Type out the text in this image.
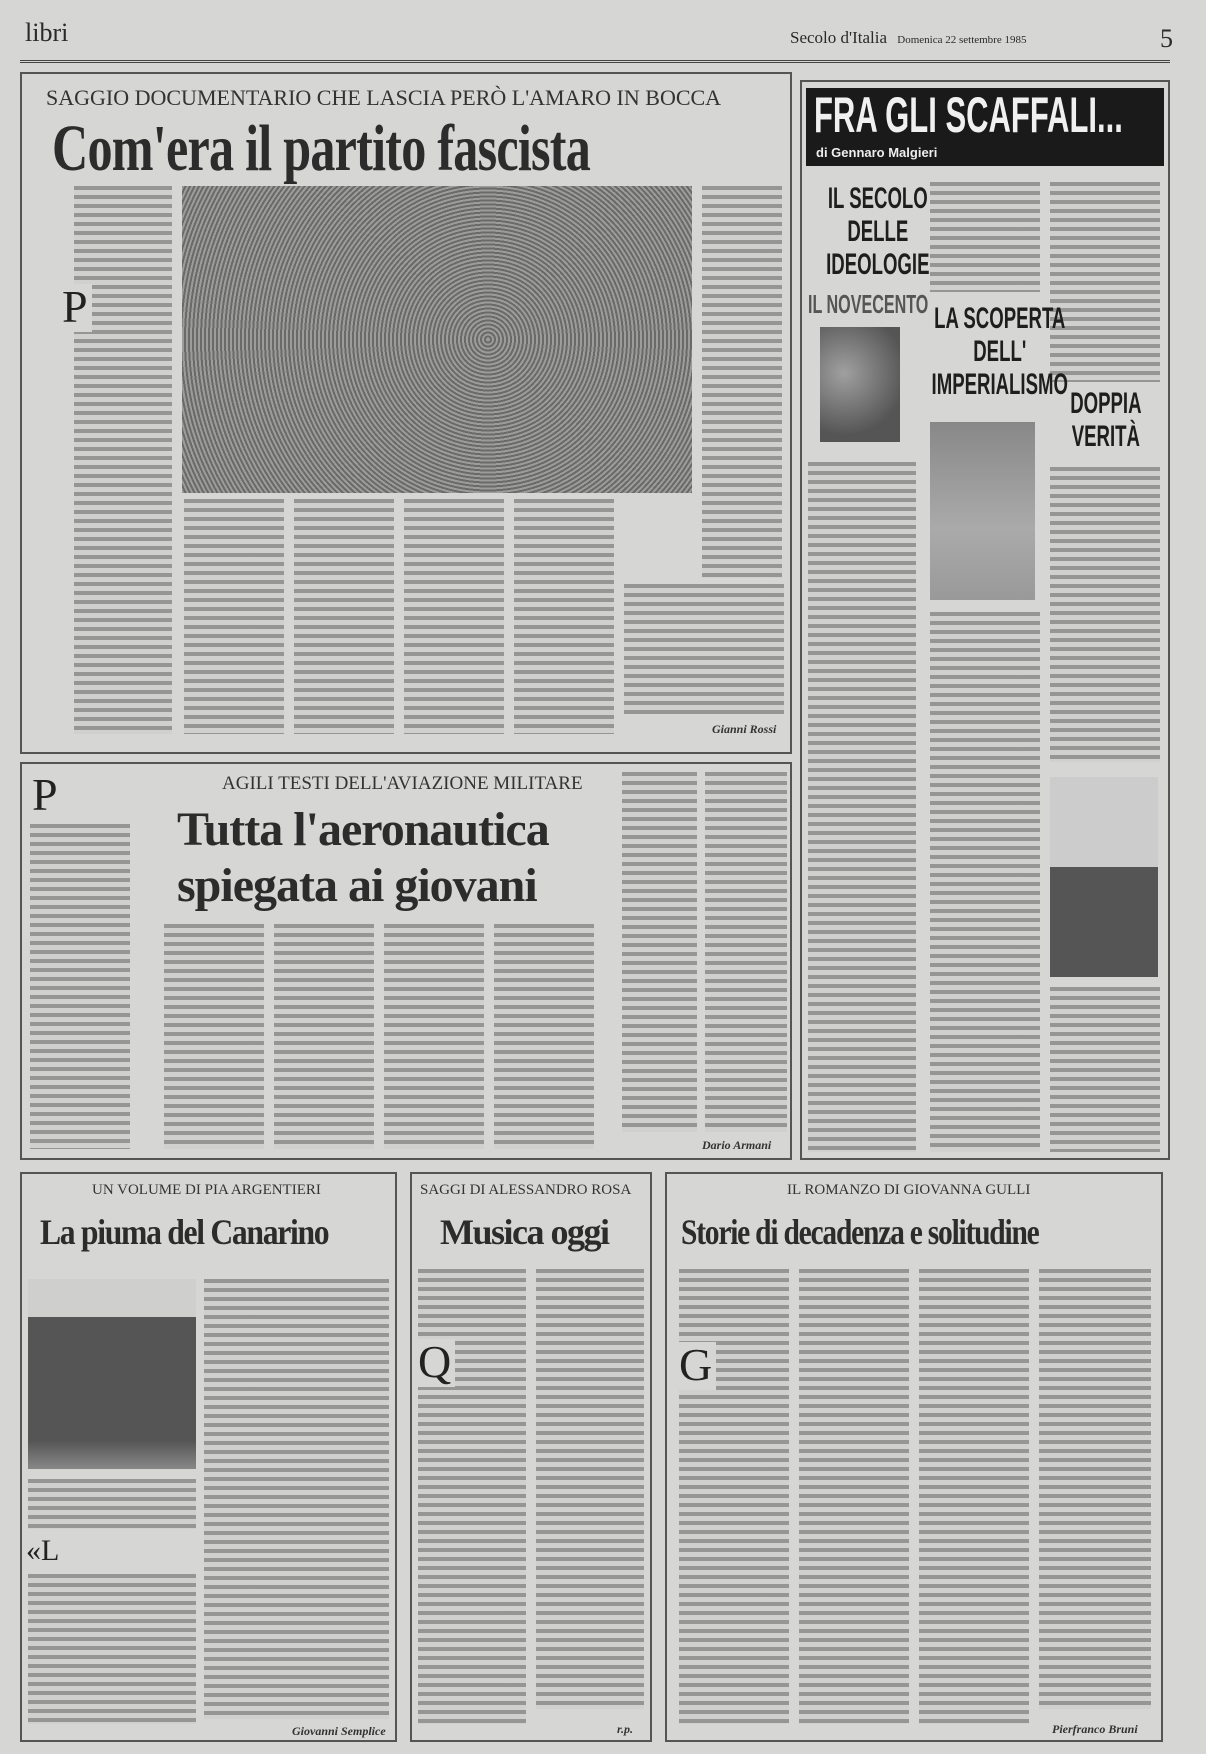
libri	Secolo d'Italia Domenica 22 settembre 1985	5
SAGGIO DOCUMENTARIO CHE LASCIA PERÒ L'AMARO IN BOCCA
Com'era il partito fascista
P
Gianni Rossi
FRA GLI SCAFFALI...
di Gennaro Malgieri
IL SECOLO DELLE IDEOLOGIE
IL NOVECENTO LA SCOPERTA DELL' IMPERIALISMO
DOPPIA VERITÀ
P	AGILI TESTI DELL'AVIAZIONE MILITARE
Tutta l'aeronautica
spiegata ai giovani
Dario Armani
UN VOLUME DI PIA ARGENTIERI
La piuma del Canarino
«L
Giovanni Semplice
SAGGI DI ALESSANDRO ROSA
Musica oggi
Q
r.p.
IL ROMANZO DI GIOVANNA GULLI
Storie di decadenza e solitudine
G
Pierfranco Bruni
